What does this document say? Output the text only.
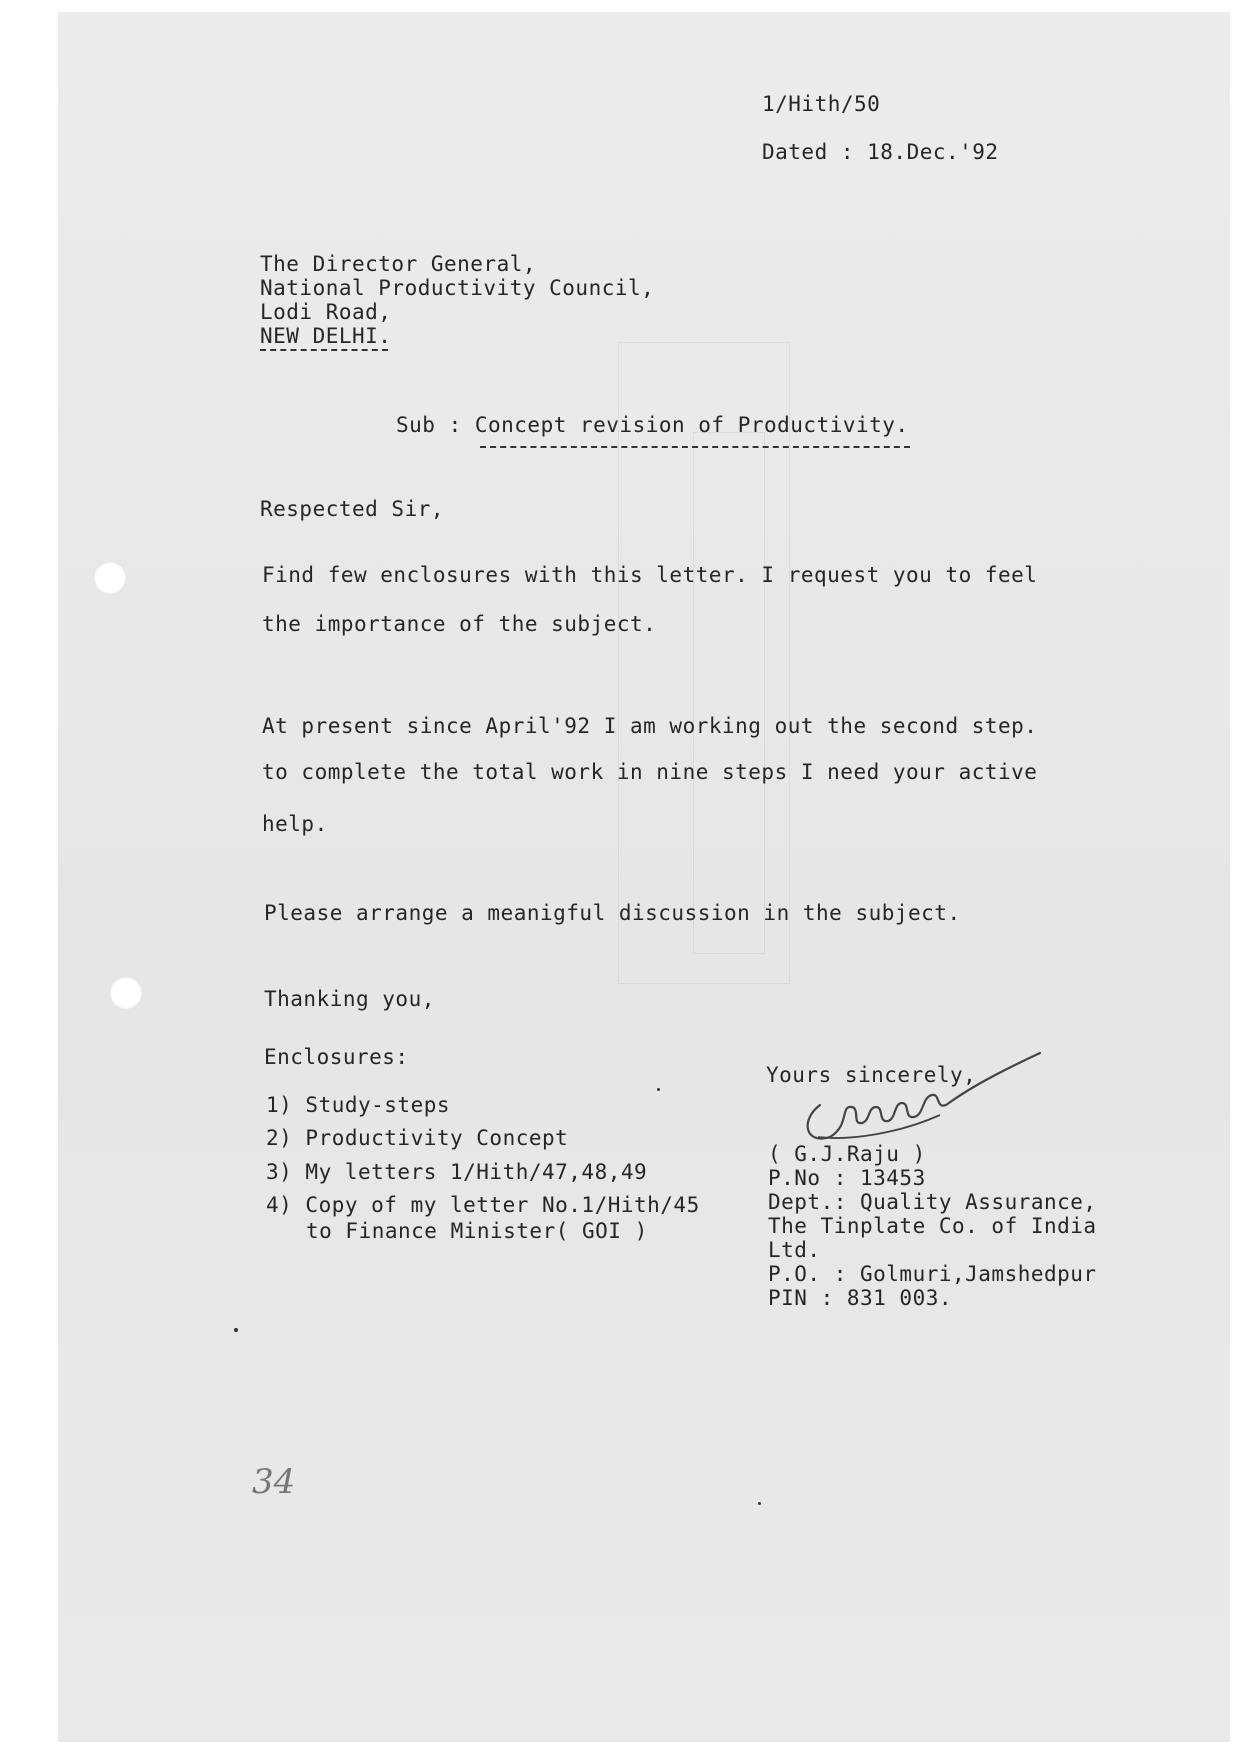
1/Hith/50
Dated : 18.Dec.'92
The Director General,
National Productivity Council,
Lodi Road,
NEW DELHI.
Sub : Concept revision of Productivity.
Respected Sir,
Find few enclosures with this letter. I request you to feel
the importance of the subject.
At present since April'92 I am working out the second step.
to complete the total work in nine steps I need your active
help.
Please arrange a meanigful discussion in the subject.
Thanking you,
Enclosures:
1) Study-steps
2) Productivity Concept
3) My letters 1/Hith/47,48,49
4) Copy of my letter No.1/Hith/45
to Finance Minister( GOI )
Yours sincerely,
( G.J.Raju )
P.No : 13453
Dept.: Quality Assurance,
The Tinplate Co. of India
Ltd.
P.O. : Golmuri,Jamshedpur
PIN : 831 003.
34
